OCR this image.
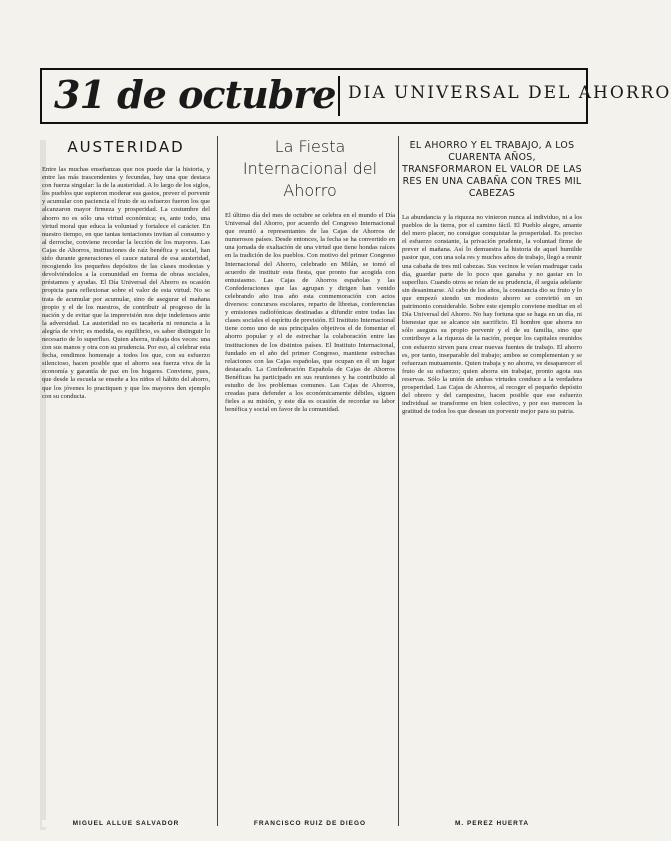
31 de octubre DIA UNIVERSAL DEL AHORRO
AUSTERIDAD

Entre las muchas enseñanzas que nos puede dar la historia, y entre las más trascendentes y fecundas, hay una que destaca con fuerza singular: la de la austeridad. A lo largo de los siglos, los pueblos que supieron moderar sus gastos, prever el porvenir y acumular con paciencia el fruto de su esfuerzo fueron los que alcanzaron mayor firmeza y prosperidad. La costumbre del ahorro no es sólo una virtud económica; es, ante todo, una virtud moral que educa la voluntad y fortalece el carácter. En nuestro tiempo, en que tantas tentaciones invitan al consumo y al derroche, conviene recordar la lección de los mayores. Las Cajas de Ahorros, instituciones de raíz benéfica y social, han sido durante generaciones el cauce natural de esa austeridad, recogiendo los pequeños depósitos de las clases modestas y devolviéndolos a la comunidad en forma de obras sociales, préstamos y ayudas. El Día Universal del Ahorro es ocasión propicia para reflexionar sobre el valor de esta virtud. No se trata de acumular por acumular, sino de asegurar el mañana propio y el de los nuestros, de contribuir al progreso de la nación y de evitar que la imprevisión nos deje indefensos ante la adversidad. La austeridad no es tacañería ni renuncia a la alegría de vivir; es medida, es equilibrio, es saber distinguir lo necesario de lo superfluo. Quien ahorra, trabaja dos veces: una con sus manos y otra con su prudencia. Por eso, al celebrar esta fecha, rendimos homenaje a todos los que, con su esfuerzo silencioso, hacen posible que el ahorro sea fuerza viva de la economía y garantía de paz en los hogares. Conviene, pues, que desde la escuela se enseñe a los niños el hábito del ahorro, que los jóvenes lo practiquen y que los mayores den ejemplo con su conducta.

MIGUEL ALLUE SALVADOR
La Fiesta Internacional del Ahorro

El último día del mes de octubre se celebra en el mundo el Día Universal del Ahorro, por acuerdo del Congreso Internacional que reunió a representantes de las Cajas de Ahorros de numerosos países. Desde entonces, la fecha se ha convertido en una jornada de exaltación de una virtud que tiene hondas raíces en la tradición de los pueblos. Con motivo del primer Congreso Internacional del Ahorro, celebrado en Milán, se tomó el acuerdo de instituir esta fiesta, que pronto fue acogida con entusiasmo. Las Cajas de Ahorros españolas y las Confederaciones que las agrupan y dirigen han venido celebrando año tras año esta conmemoración con actos diversos: concursos escolares, reparto de libretas, conferencias y emisiones radiofónicas destinadas a difundir entre todas las clases sociales el espíritu de previsión. El Instituto Internacional tiene como uno de sus principales objetivos el de fomentar el ahorro popular y el de estrechar la colaboración entre las instituciones de los distintos países. El Instituto Internacional, fundado en el año del primer Congreso, mantiene estrechas relaciones con las Cajas españolas, que ocupan en él un lugar destacado. La Confederación Española de Cajas de Ahorros Benéficas ha participado en sus reuniones y ha contribuido al estudio de los problemas comunes. Las Cajas de Ahorros, creadas para defender a los económicamente débiles, siguen fieles a su misión, y este día es ocasión de recordar su labor benéfica y social en favor de la comunidad.

FRANCISCO RUIZ DE DIEGO
EL AHORRO Y EL TRABAJO, A LOS CUARENTA AÑOS, TRANSFORMARON EL VALOR DE LAS RES EN UNA CABAÑA CON TRES MIL CABEZAS

La abundancia y la riqueza no vinieron nunca al individuo, ni a los pueblos de la tierra, por el camino fácil. El Pueblo alegre, amante del mero placer, no consigue conquistar la prosperidad. Es preciso el esfuerzo constante, la privación prudente, la voluntad firme de prever el mañana. Así lo demuestra la historia de aquel humilde pastor que, con una sola res y muchos años de trabajo, llegó a reunir una cabaña de tres mil cabezas. Sus vecinos le veían madrugar cada día, guardar parte de lo poco que ganaba y no gastar en lo superfluo. Cuando otros se reían de su prudencia, él seguía adelante sin desanimarse. Al cabo de los años, la constancia dio su fruto y lo que empezó siendo un modesto ahorro se convirtió en un patrimonio considerable. Sobre este ejemplo conviene meditar en el Día Universal del Ahorro. No hay fortuna que se haga en un día, ni bienestar que se alcance sin sacrificio. El hombre que ahorra no sólo asegura su propio porvenir y el de su familia, sino que contribuye a la riqueza de la nación, porque los capitales reunidos con esfuerzo sirven para crear nuevas fuentes de trabajo. El ahorro es, por tanto, inseparable del trabajo; ambos se complementan y se refuerzan mutuamente. Quien trabaja y no ahorra, ve desaparecer el fruto de su esfuerzo; quien ahorra sin trabajar, pronto agota sus reservas. Sólo la unión de ambas virtudes conduce a la verdadera prosperidad. Las Cajas de Ahorros, al recoger el pequeño depósito del obrero y del campesino, hacen posible que ese esfuerzo individual se transforme en bien colectivo, y por eso merecen la gratitud de todos los que desean un porvenir mejor para su patria.

M. PEREZ HUERTA
